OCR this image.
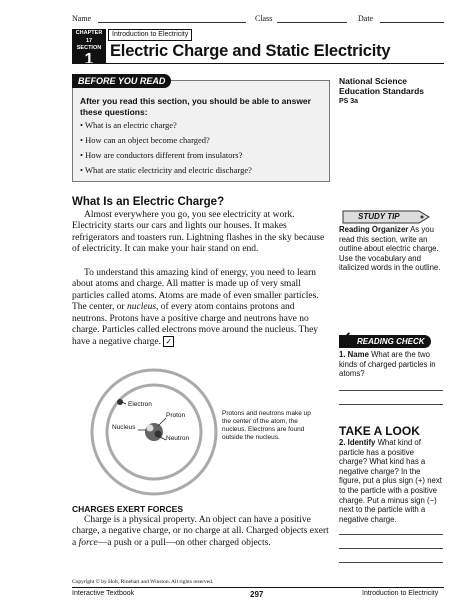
Name	Class	Date
CHAPTER 17
SECTION
1
Introduction to Electricity
Electric Charge and Static Electricity
BEFORE YOU READ
After you read this section, you should be able to answer these questions:
• What is an electric charge?
• How can an object become charged?
• How are conductors different from insulators?
• What are static electricity and electric discharge?
National Science Education Standards
PS 3a
What Is an Electric Charge?

Almost everywhere you go, you see electricity at work. Electricity starts our cars and lights our houses. It makes refrigerators and toasters run. Lightning flashes in the sky because of electricity. It can make your hair stand on end.

To understand this amazing kind of energy, you need to learn about atoms and charge. All matter is made up of very small particles called atoms. Atoms are made of even smaller particles. The center, or nucleus, of every atom contains protons and neutrons. Protons have a positive charge and neutrons have no charge. Particles called electrons move around the nucleus. They have a negative charge. ✓

Electron
Proton
Nucleus
Neutron
Protons and neutrons make up the center of the atom, the nucleus. Electrons are found outside the nucleus.
CHARGES EXERT FORCES

Charge is a physical property. An object can have a positive charge, a negative charge, or no charge at all. Charged objects exert a force—a push or a pull—on other charged objects.

STUDY TIP
Reading Organizer As you read this section, write an outline about electric charge. Use the vocabulary and italicized words in the outline.
READING CHECK
✓
1. Name What are the two kinds of charged particles in atoms?
TAKE A LOOK
2. Identify What kind of particle has a positive charge? What kind has a negative charge? In the figure, put a plus sign (+) next to the particle with a positive charge. Put a minus sign (−) next to the particle with a negative charge.
Copyright © by Holt, Rinehart and Winston. All rights reserved.
Interactive Textbook	297	Introduction to Electricity
